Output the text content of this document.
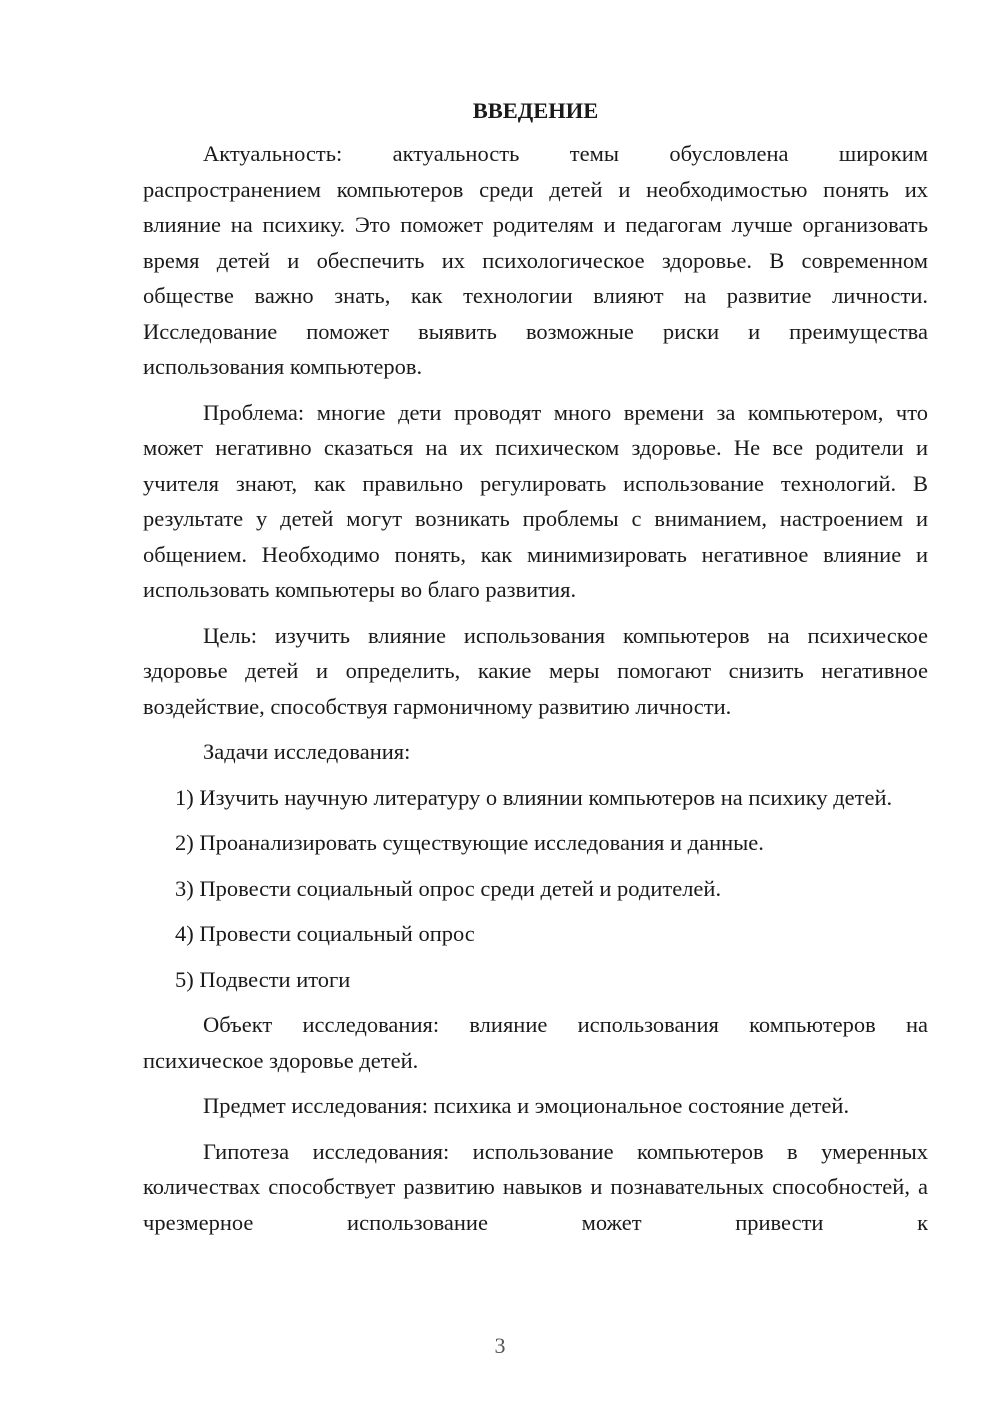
ВВЕДЕНИЕ

Актуальность: актуальность темы обусловлена широким распространением компьютеров среди детей и необходимостью понять их влияние на психику. Это поможет родителям и педагогам лучше организовать время детей и обеспечить их психологическое здоровье. В современном обществе важно знать, как технологии влияют на развитие личности. Исследование поможет выявить возможные риски и преимущества использования компьютеров.

Проблема: многие дети проводят много времени за компьютером, что может негативно сказаться на их психическом здоровье. Не все родители и учителя знают, как правильно регулировать использование технологий. В результате у детей могут возникать проблемы с вниманием, настроением и общением. Необходимо понять, как минимизировать негативное влияние и использовать компьютеры во благо развития.

Цель: изучить влияние использования компьютеров на психическое здоровье детей и определить, какие меры помогают снизить негативное воздействие, способствуя гармоничному развитию личности.

Задачи исследования:

1) Изучить научную литературу о влиянии компьютеров на психику детей.

2) Проанализировать существующие исследования и данные.

3) Провести социальный опрос среди детей и родителей.

4) Провести социальный опрос

5) Подвести итоги

Объект исследования: влияние использования компьютеров на психическое здоровье детей.

Предмет исследования: психика и эмоциональное состояние детей.

Гипотеза исследования: использование компьютеров в умеренных количествах способствует развитию навыков и познавательных способностей, а чрезмерное использование может привести к

3
